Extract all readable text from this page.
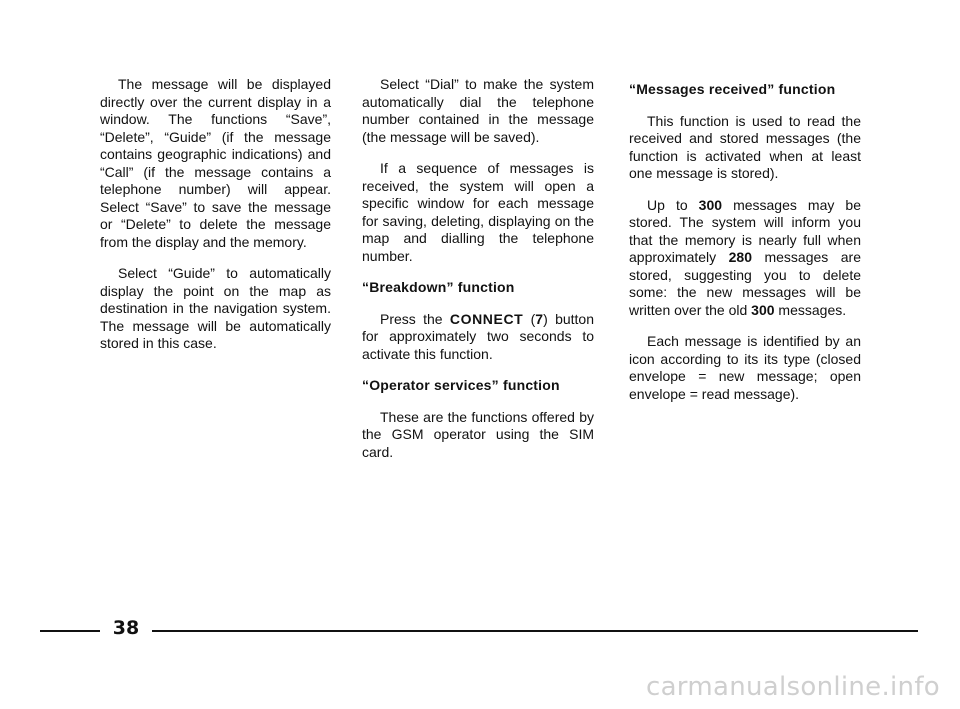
The message will be displayed directly over the current display in a window. The functions “Save”, “Delete”, “Guide” (if the message contains geographic indications) and “Call” (if the message contains a telephone number) will appear. Select “Save” to save the message or “Delete” to delete the message from the display and the memory.

Select “Guide” to automatically display the point on the map as destination in the navigation system. The message will be automatically stored in this case.

Select “Dial” to make the system automatically dial the telephone number contained in the message (the message will be saved).

If a sequence of messages is received, the system will open a specific window for each message for saving, deleting, displaying on the map and dialling the telephone number.

“Breakdown” function

Press the CONNECT (7) button for approximately two seconds to activate this function.

“Operator services” function

These are the functions offered by the GSM operator using the SIM card.

“Messages received” function

This function is used to read the received and stored messages (the function is activated when at least one message is stored).

Up to 300 messages may be stored. The system will inform you that the memory is nearly full when approximately 280 messages are stored, suggesting you to delete some: the new messages will be written over the old 300 messages.

Each message is identified by an icon according to its its type (closed envelope = new message; open envelope = read message).

38
carmanualsonline.info
